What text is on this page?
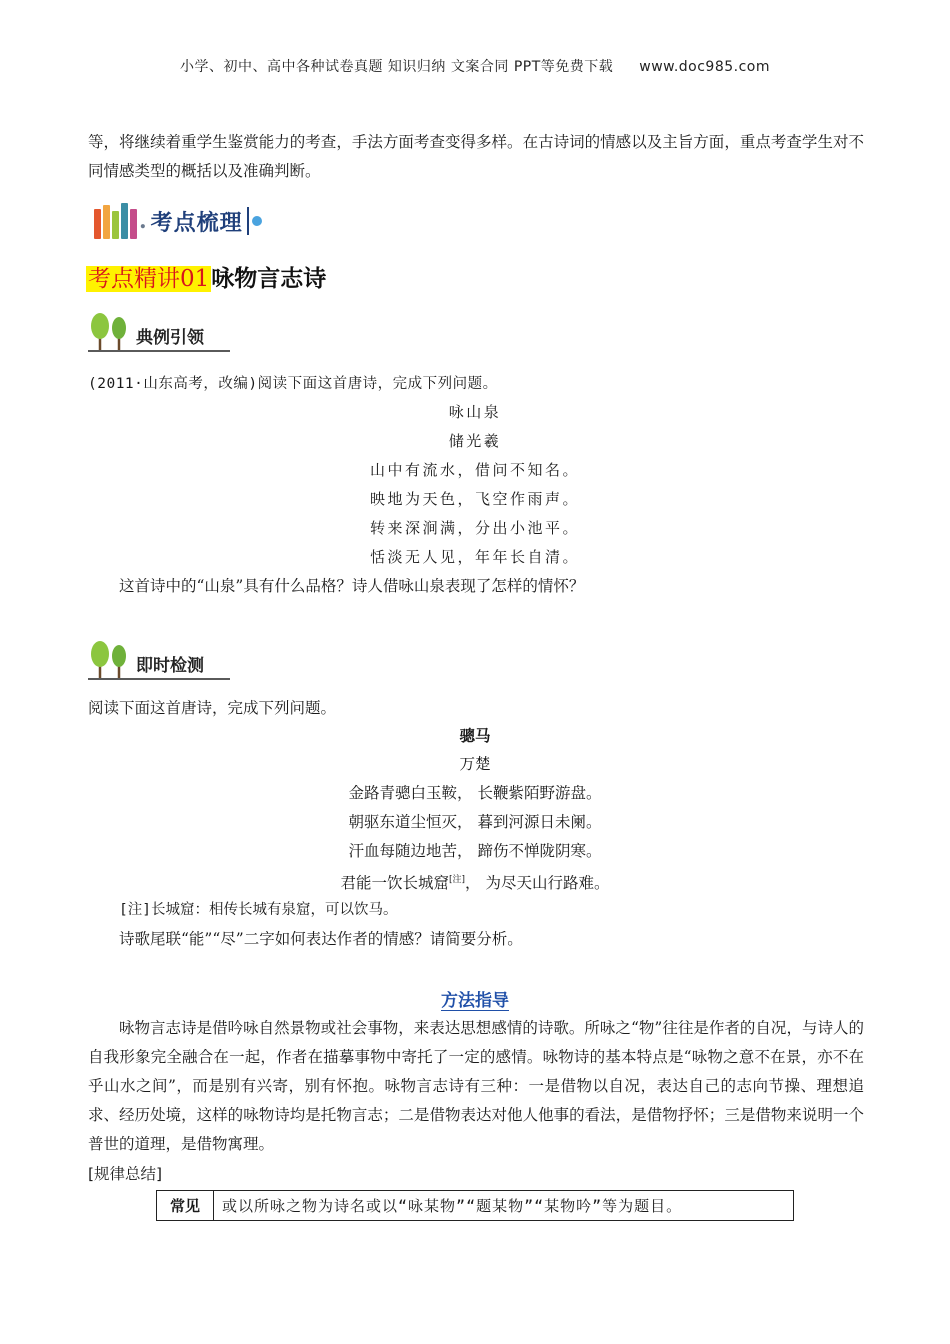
小学、初中、高中各种试卷真题 知识归纳 文案合同 PPT等免费下载 www.doc985.com
等，将继续着重学生鉴赏能力的考查，手法方面考查变得多样。在古诗词的情感以及主旨方面，重点考查学生对不同情感类型的概括以及准确判断。
. 考点梳理
考点精讲01咏物言志诗
典例引领
(2011·山东高考，改编)阅读下面这首唐诗，完成下列问题。
咏山泉
储光羲
山中有流水，借问不知名。
映地为天色，飞空作雨声。
转来深涧满，分出小池平。
恬淡无人见，年年长自清。
这首诗中的“山泉”具有什么品格？诗人借咏山泉表现了怎样的情怀？
即时检测
阅读下面这首唐诗，完成下列问题。
骢马
万楚
金路青骢白玉鞍， 长鞭紫陌野游盘。
朝驱东道尘恒灭， 暮到河源日未阑。
汗血每随边地苦， 蹄伤不惮陇阴寒。
君能一饮长城窟[注]， 为尽天山行路难。
[注]长城窟：相传长城有泉窟，可以饮马。
诗歌尾联“能”“尽”二字如何表达作者的情感？请简要分析。
方法指导
咏物言志诗是借吟咏自然景物或社会事物，来表达思想感情的诗歌。所咏之“物”往往是作者的自况，与诗人的自我形象完全融合在一起，作者在描摹事物中寄托了一定的感情。咏物诗的基本特点是“咏物之意不在景，亦不在乎山水之间”，而是别有兴寄，别有怀抱。咏物言志诗有三种：一是借物以自况，表达自己的志向节操、理想追求、经历处境，这样的咏物诗均是托物言志；二是借物表达对他人他事的看法，是借物抒怀；三是借物来说明一个普世的道理，是借物寓理。
[规律总结]
常见	或以所咏之物为诗名或以“咏某物”“题某物”“某物吟”等为题目。
